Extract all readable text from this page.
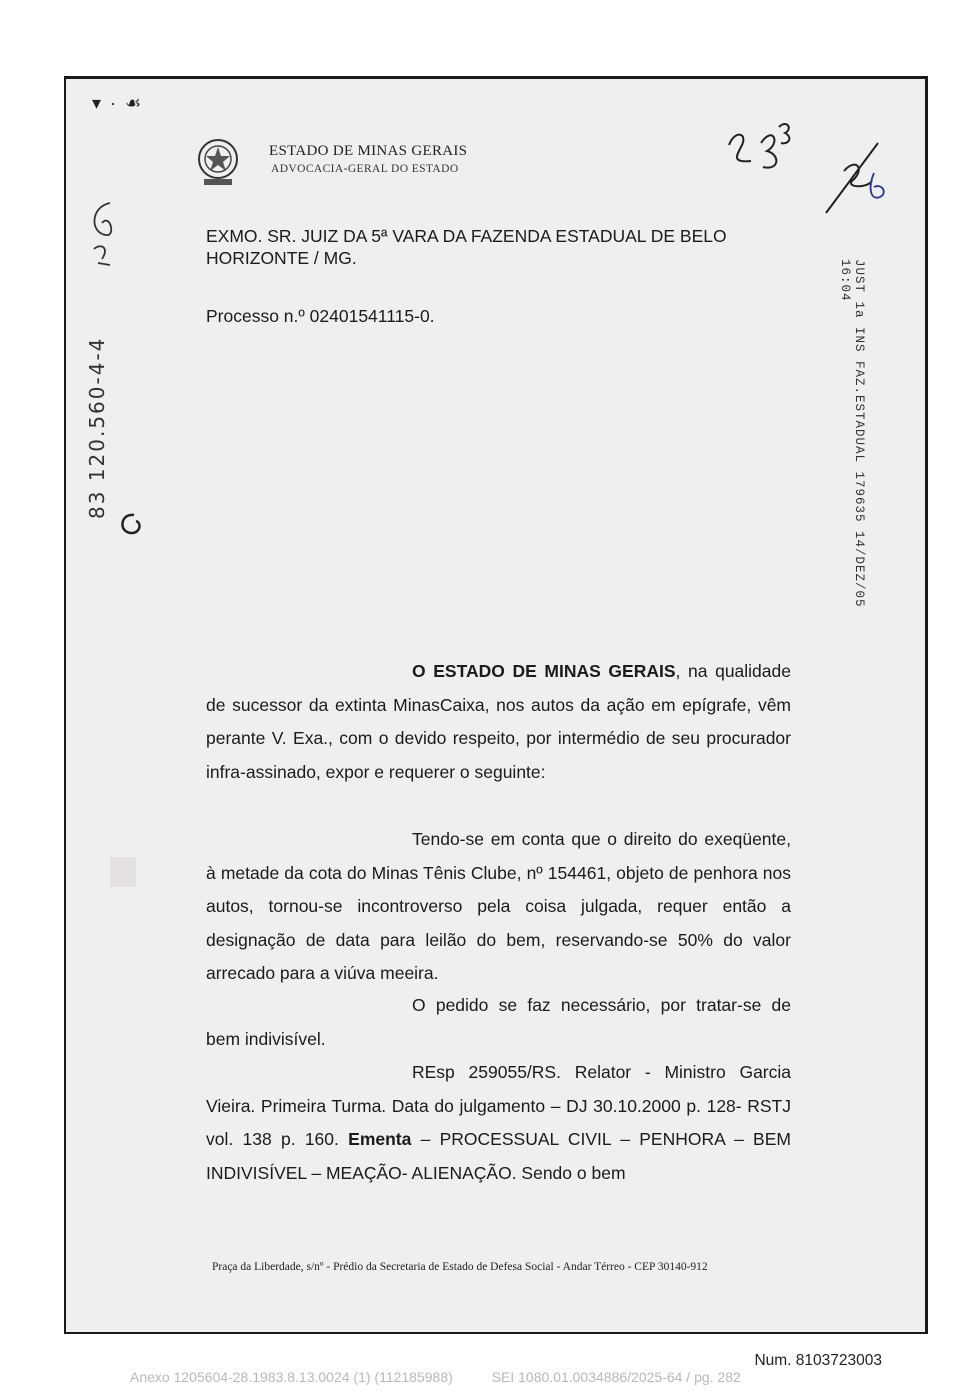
▾ · ☙
ESTADO DE MINAS GERAIS
ADVOCACIA-GERAL DO ESTADO
83 120.560-4-4	JUST 1a INS FAZ.ESTADUAL 179635 14/DEZ/05 16:04
EXMO. SR. JUIZ DA 5ª VARA DA FAZENDA ESTADUAL DE BELO HORIZONTE / MG.
Processo n.º 02401541115-0.
O ESTADO DE MINAS GERAIS, na qualidade de sucessor da extinta MinasCaixa, nos autos da ação em epígrafe, vêm perante V. Exa., com o devido respeito, por intermédio de seu procurador infra-assinado, expor e requerer o seguinte:
Tendo-se em conta que o direito do exeqüente, à metade da cota do Minas Tênis Clube, nº 154461, objeto de penhora nos autos, tornou-se incontroverso pela coisa julgada, requer então a designação de data para leilão do bem, reservando-se 50% do valor arrecado para a viúva meeira.
O pedido se faz necessário, por tratar-se de bem indivisível.
REsp 259055/RS. Relator - Ministro Garcia Vieira. Primeira Turma. Data do julgamento – DJ 30.10.2000 p. 128- RSTJ vol. 138 p. 160. Ementa – PROCESSUAL CIVIL – PENHORA – BEM INDIVISÍVEL – MEAÇÃO- ALIENAÇÃO. Sendo o bem
Praça da Liberdade, s/nº - Prédio da Secretaria de Estado de Defesa Social - Andar Térreo - CEP 30140-912
Num. 8103723003
Anexo 1205604-28.1983.8.13.0024 (1) (112185988)	SEI 1080.01.0034886/2025-64 / pg. 282
